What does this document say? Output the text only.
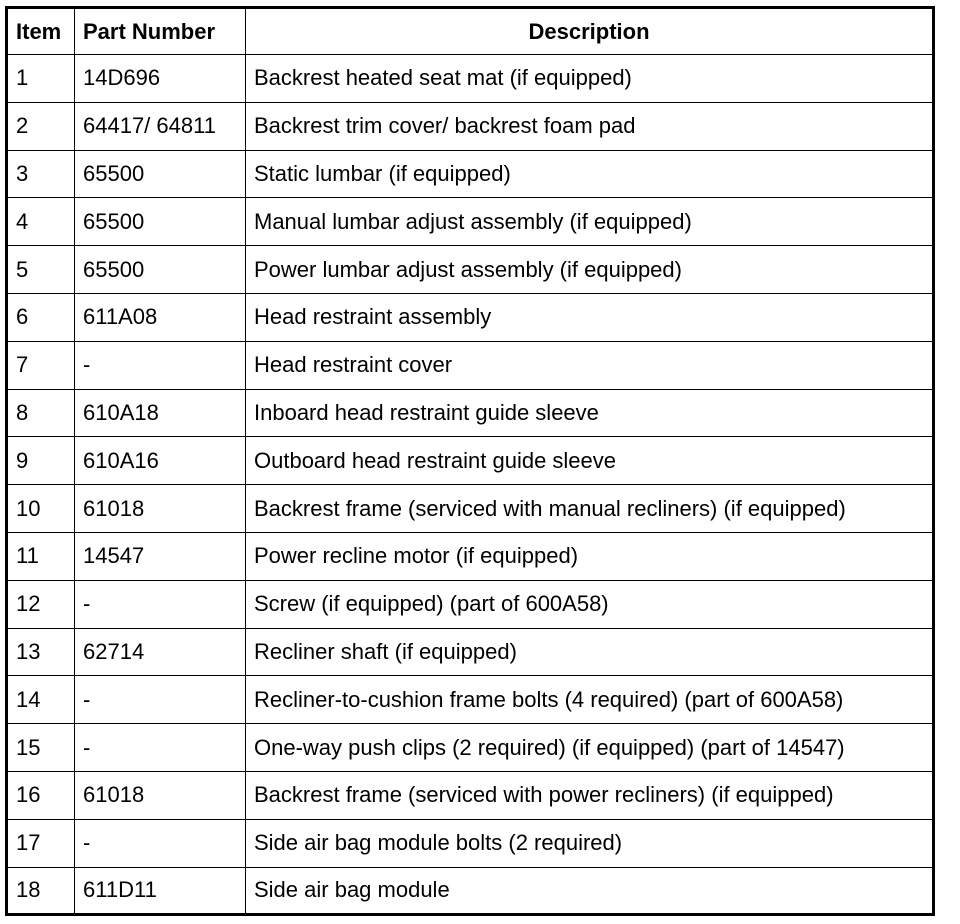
Item	Part Number	Description
1	14D696	Backrest heated seat mat (if equipped)
2	64417/ 64811	Backrest trim cover/ backrest foam pad
3	65500	Static lumbar (if equipped)
4	65500	Manual lumbar adjust assembly (if equipped)
5	65500	Power lumbar adjust assembly (if equipped)
6	611A08	Head restraint assembly
7	-	Head restraint cover
8	610A18	Inboard head restraint guide sleeve
9	610A16	Outboard head restraint guide sleeve
10	61018	Backrest frame (serviced with manual recliners) (if equipped)
11	14547	Power recline motor (if equipped)
12	-	Screw (if equipped) (part of 600A58)
13	62714	Recliner shaft (if equipped)
14	-	Recliner-to-cushion frame bolts (4 required) (part of 600A58)
15	-	One-way push clips (2 required) (if equipped) (part of 14547)
16	61018	Backrest frame (serviced with power recliners) (if equipped)
17	-	Side air bag module bolts (2 required)
18	611D11	Side air bag module
